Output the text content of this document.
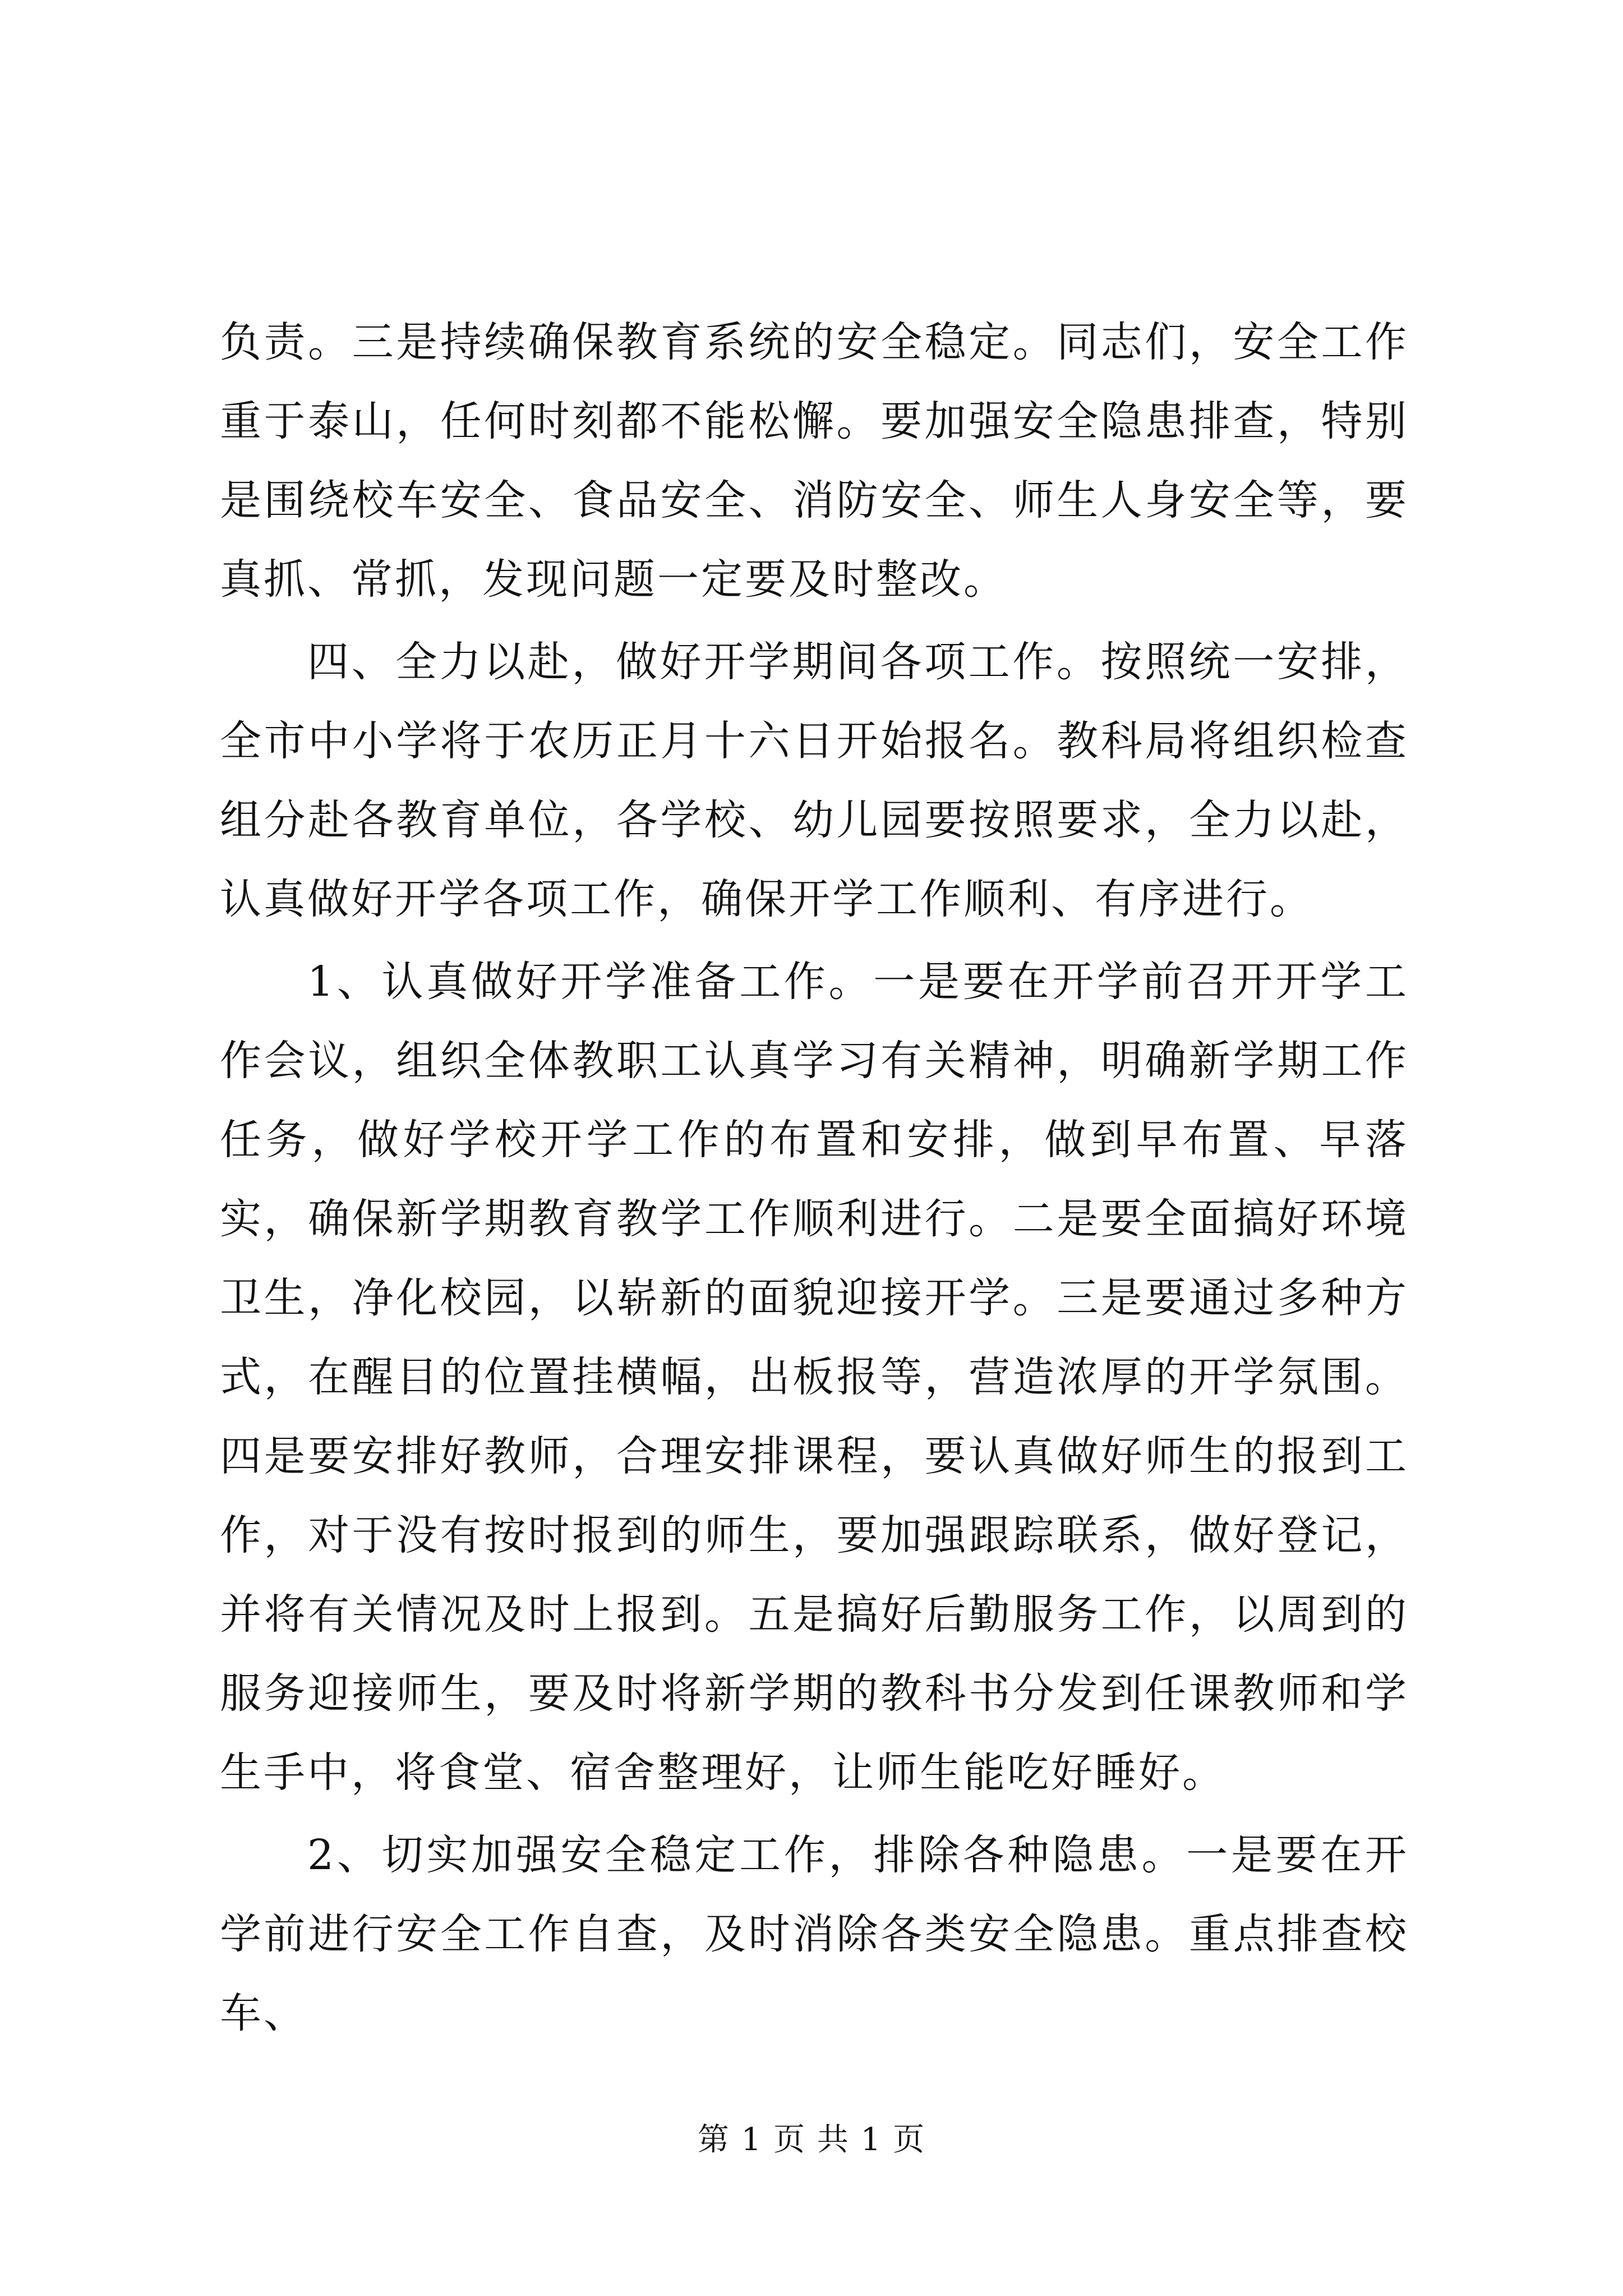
负责。三是持续确保教育系统的安全稳定。同志们，安全工作重于泰山，任何时刻都不能松懈。要加强安全隐患排查，特别是围绕校车安全、食品安全、消防安全、师生人身安全等，要真抓、常抓，发现问题一定要及时整改。

四、全力以赴，做好开学期间各项工作。按照统一安排，全市中小学将于农历正月十六日开始报名。教科局将组织检查组分赴各教育单位，各学校、幼儿园要按照要求，全力以赴，认真做好开学各项工作，确保开学工作顺利、有序进行。

1、认真做好开学准备工作。一是要在开学前召开开学工作会议，组织全体教职工认真学习有关精神，明确新学期工作任务，做好学校开学工作的布置和安排，做到早布置、早落实，确保新学期教育教学工作顺利进行。二是要全面搞好环境卫生，净化校园，以崭新的面貌迎接开学。三是要通过多种方式，在醒目的位置挂横幅，出板报等，营造浓厚的开学氛围。四是要安排好教师，合理安排课程，要认真做好师生的报到工作，对于没有按时报到的师生，要加强跟踪联系，做好登记，并将有关情况及时上报到。五是搞好后勤服务工作，以周到的服务迎接师生，要及时将新学期的教科书分发到任课教师和学生手中，将食堂、宿舍整理好，让师生能吃好睡好。

2、切实加强安全稳定工作，排除各种隐患。一是要在开学前进行安全工作自查，及时消除各类安全隐患。重点排查校车、

第 1 页 共 1 页
